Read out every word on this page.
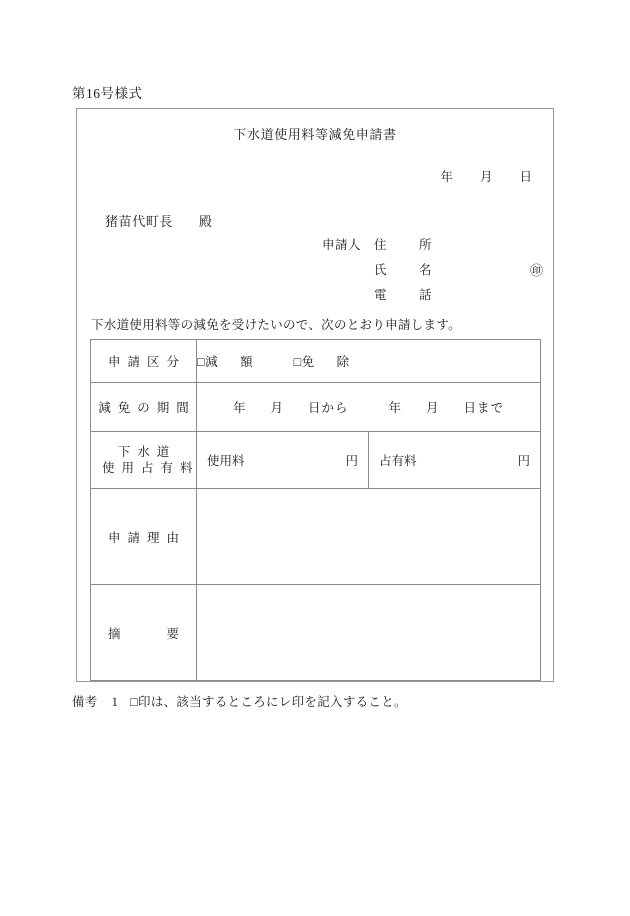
第16号様式
下水道使用料等減免申請書
年 月 日
猪苗代町長 殿
申請人 住　所
氏　名	㊞
電　話
下水道使用料等の減免を受けたいので、次のとおり申請します。
申請区分	□減　額 □免　除	

減免の期間	年 月 日から 年 月 日まで	

下水道
使用占有料	使用料 円	占有料 円

申請理由		
摘　　要		
備考 1 □印は、該当するところにレ印を記入すること。
